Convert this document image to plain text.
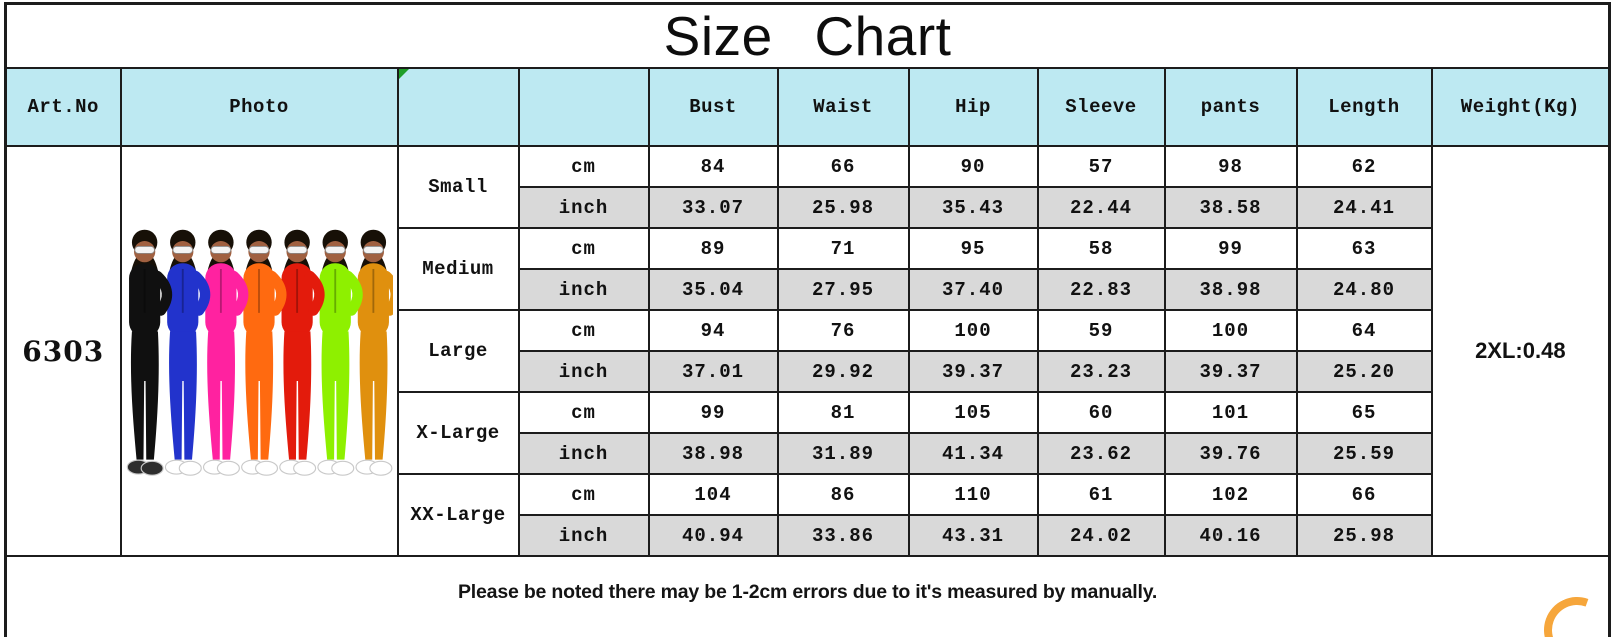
Size Chart										
Art.No	Photo			Bust	Waist	Hip	Sleeve	pants	Length	Weight(Kg)
6303		Small	cm	84	66	90	57	98	62	2XL:0.48
			inch	33.07	25.98	35.43	22.44	38.58	24.41	
		Medium	cm	89	71	95	58	99	63	
			inch	35.04	27.95	37.40	22.83	38.98	24.80	
		Large	cm	94	76	100	59	100	64	
			inch	37.01	29.92	39.37	23.23	39.37	25.20	
		X-Large	cm	99	81	105	60	101	65	
			inch	38.98	31.89	41.34	23.62	39.76	25.59	
		XX-Large	cm	104	86	110	61	102	66	
			inch	40.94	33.86	43.31	24.02	40.16	25.98	
Please be noted there may be 1-2cm errors due to it's measured by manually.										
